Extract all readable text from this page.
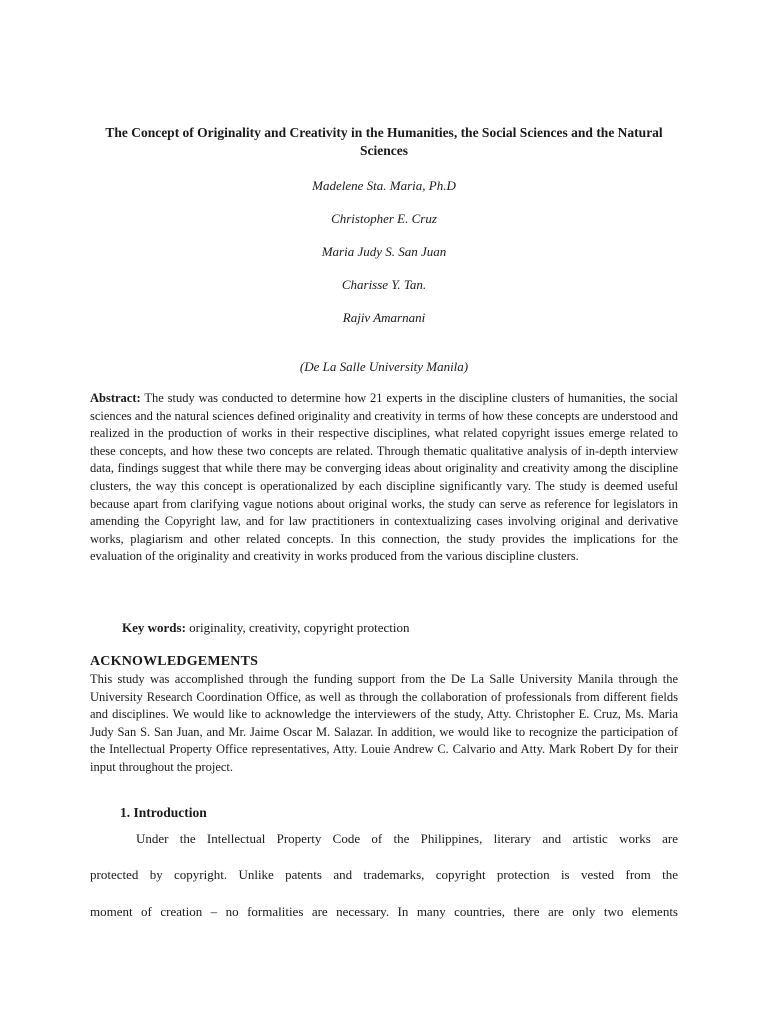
The Concept of Originality and Creativity in the Humanities, the Social Sciences and the Natural Sciences
Madelene Sta. Maria, Ph.D
Christopher E. Cruz
Maria Judy S. San Juan
Charisse Y. Tan.
Rajiv Amarnani
(De La Salle University Manila)
Abstract: The study was conducted to determine how 21 experts in the discipline clusters of humanities, the social sciences and the natural sciences defined originality and creativity in terms of how these concepts are understood and realized in the production of works in their respective disciplines, what related copyright issues emerge related to these concepts, and how these two concepts are related. Through thematic qualitative analysis of in-depth interview data, findings suggest that while there may be converging ideas about originality and creativity among the discipline clusters, the way this concept is operationalized by each discipline significantly vary. The study is deemed useful because apart from clarifying vague notions about original works, the study can serve as reference for legislators in amending the Copyright law, and for law practitioners in contextualizing cases involving original and derivative works, plagiarism and other related concepts. In this connection, the study provides the implications for the evaluation of the originality and creativity in works produced from the various discipline clusters.
Key words: originality, creativity, copyright protection
ACKNOWLEDGEMENTS
This study was accomplished through the funding support from the De La Salle University Manila through the University Research Coordination Office, as well as through the collaboration of professionals from different fields and disciplines. We would like to acknowledge the interviewers of the study, Atty. Christopher E. Cruz, Ms. Maria Judy San S. San Juan, and Mr. Jaime Oscar M. Salazar. In addition, we would like to recognize the participation of the Intellectual Property Office representatives, Atty. Louie Andrew C. Calvario and Atty. Mark Robert Dy for their input throughout the project.
1. Introduction
Under the Intellectual Property Code of the Philippines, literary and artistic works are
protected by copyright. Unlike patents and trademarks, copyright protection is vested from the
moment of creation – no formalities are necessary. In many countries, there are only two elements
